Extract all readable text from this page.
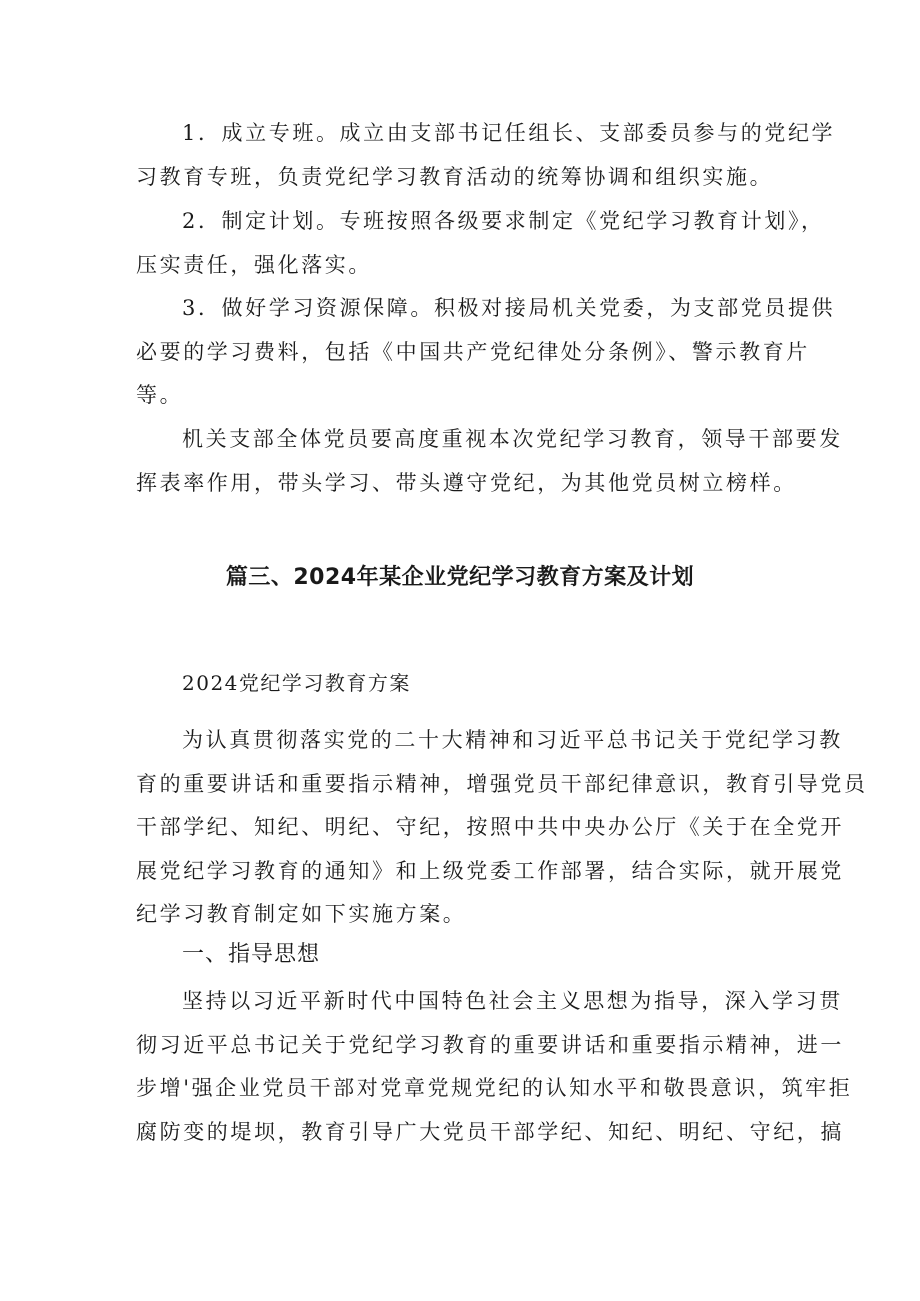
1．成立专班。成立由支部书记任组长、支部委员参与的党纪学
习教育专班，负责党纪学习教育活动的统筹协调和组织实施。
2．制定计划。专班按照各级要求制定《党纪学习教育计划》，
压实责任，强化落实。
3．做好学习资源保障。积极对接局机关党委，为支部党员提供
必要的学习费料，包括《中国共产党纪律处分条例》、警示教育片
等。
机关支部全体党员要高度重视本次党纪学习教育，领导干部要发
挥表率作用，带头学习、带头遵守党纪，为其他党员树立榜样。
篇三、2024年某企业党纪学习教育方案及计划
2024党纪学习教育方案
为认真贯彻落实党的二十大精神和习近平总书记关于党纪学习教
育的重要讲话和重要指示精神，增强党员干部纪律意识，教育引导党员
干部学纪、知纪、明纪、守纪，按照中共中央办公厅《关于在全党开
展党纪学习教育的通知》和上级党委工作部署，结合实际，就开展党
纪学习教育制定如下实施方案。
一、指导思想
坚持以习近平新时代中国特色社会主义思想为指导，深入学习贯
彻习近平总书记关于党纪学习教育的重要讲话和重要指示精神，进一
步增'强企业党员干部对党章党规党纪的认知水平和敬畏意识，筑牢拒
腐防变的堤坝，教育引导广大党员干部学纪、知纪、明纪、守纪，搞
